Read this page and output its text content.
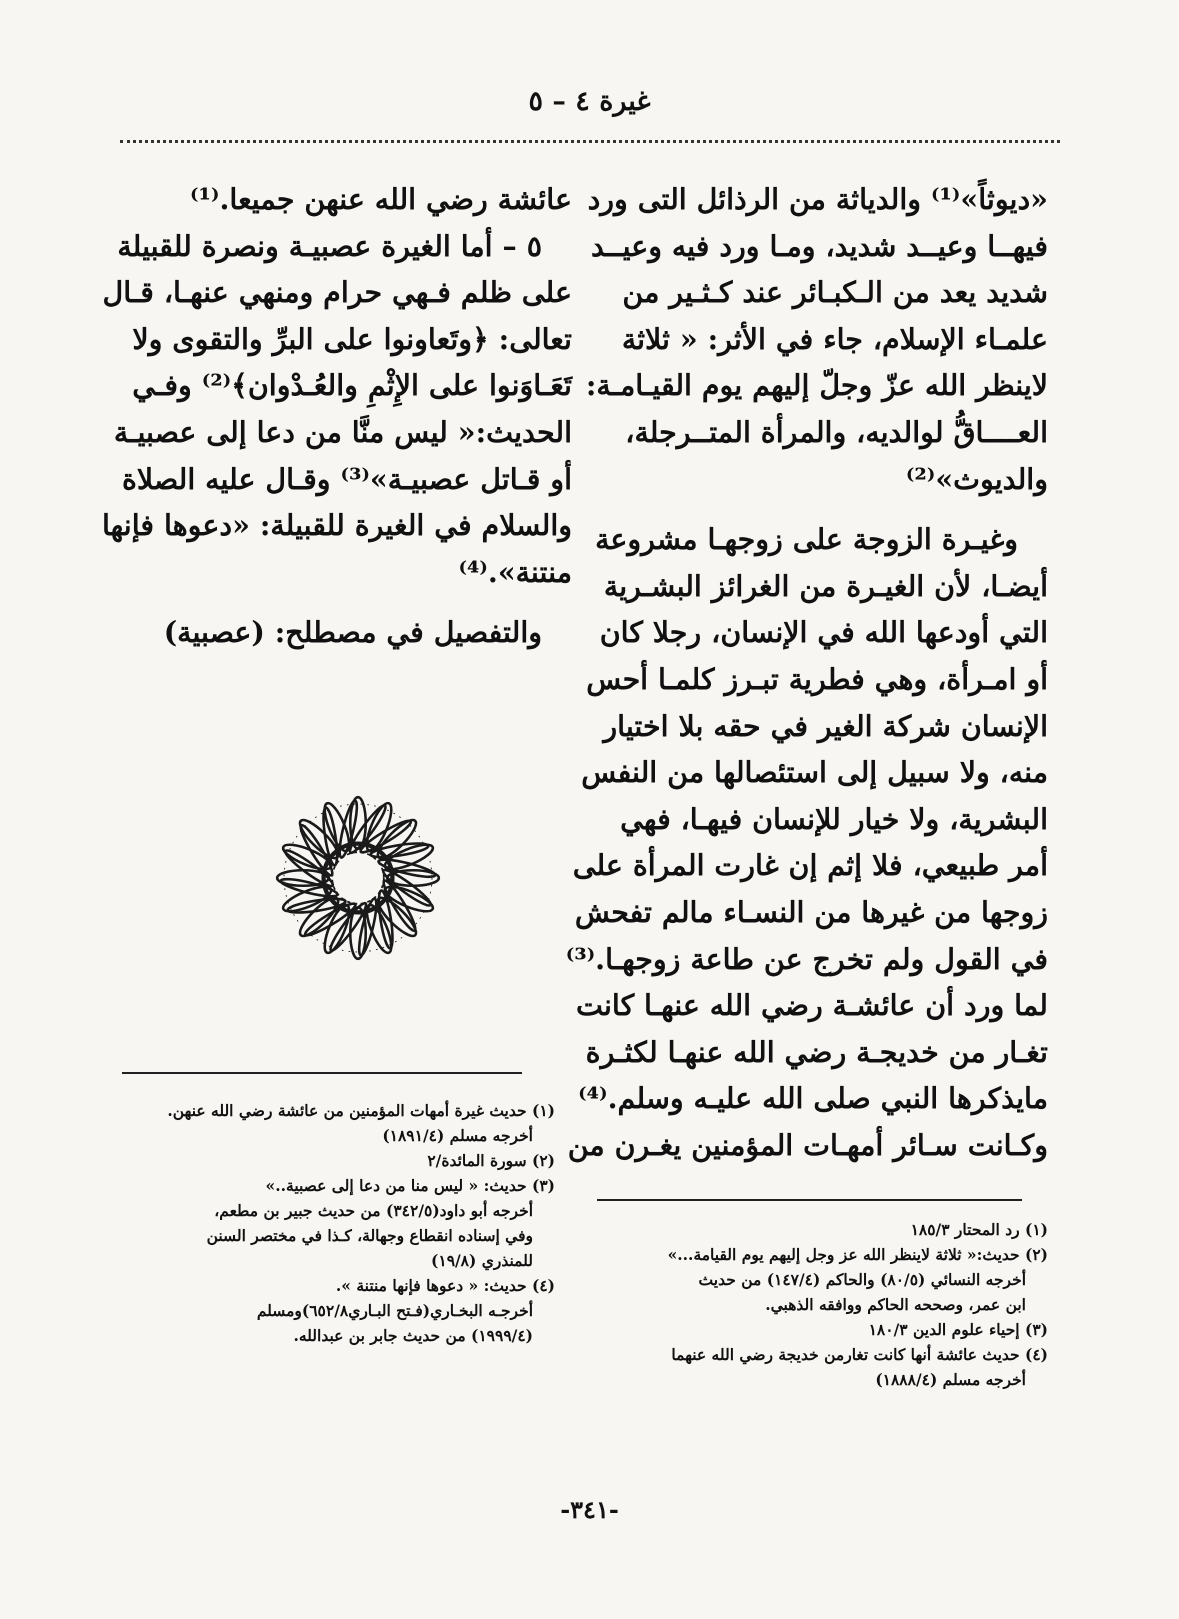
غيرة ٤ – ٥
«ديوثاً»⁽¹⁾ والدياثة من الرذائل التى ورد
فيهــا وعيــد شديد، ومـا ورد فيه وعيــد
شديد يعد من الـكبـائر عند كـثـير من
علمـاء الإسلام، جاء في الأثر: « ثلاثة
لاينظر الله عزّ وجلّ إليهم يوم القيـامـة:
العــــاقُّ لوالديه، والمرأة المتــرجلة،
والديوث»⁽²⁾
وغيـرة الزوجة على زوجهـا مشروعة
أيضـا، لأن الغيـرة من الغرائز البشـرية
التي أودعها الله في الإنسان، رجلا كان
أو امـرأة، وهي فطرية تبـرز كلمـا أحس
الإنسان شركة الغير في حقه بلا اختيار
منه، ولا سبيل إلى استئصالها من النفس
البشرية، ولا خيار للإنسان فيهـا، فهي
أمر طبيعي، فلا إثم إن غارت المرأة على
زوجها من غيرها من النسـاء مالم تفحش
في القول ولم تخرج عن طاعة زوجهـا.⁽³⁾
لما ورد أن عائشـة رضي الله عنهـا كانت
تغـار من خديجـة رضي الله عنهـا لكثـرة
مايذكرها النبي صلى الله عليـه وسلم.⁽⁴⁾
وكـانت سـائر أمهـات المؤمنين يغـرن من
عائشة رضي الله عنهن جميعا.⁽¹⁾
٥ – أما الغيرة عصبيـة ونصرة للقبيلة
على ظلم فـهي حرام ومنهي عنهـا، قـال
تعالى: ﴿وتَعاونوا على البرِّ والتقوى ولا
تَعَـاوَنوا على الإِثْمِ والعُـدْوان﴾⁽²⁾ وفـي
الحديث:« ليس منَّا من دعا إلى عصبيـة
أو قـاتل عصبيـة»⁽³⁾ وقـال عليه الصلاة
والسلام في الغيرة للقبيلة: «دعوها فإنها
منتنة».⁽⁴⁾
والتفصيل في مصطلح: (عصبية)
(١) حديث غيرة أمهات المؤمنين من عائشة رضي الله عنهن.
أخرجه مسلم (١٨٩١/٤)
(٢) سورة المائدة/٢
(٣) حديث: « ليس منا من دعا إلى عصبية..»
أخرجه أبو داود(٣٤٢/٥) من حديث جبير بن مطعم،
وفي إسناده انقطاع وجهالة، كـذا في مختصر السنن
للمنذري (١٩/٨)
(٤) حديث: « دعوها فإنها منتنة ».
أخرجـه البخـاري(فـتح البـاري٦٥٢/٨)ومسلم
(١٩٩٩/٤) من حديث جابر بن عبدالله.
(١) رد المحتار ١٨٥/٣
(٢) حديث:« ثلاثة لاينظر الله عز وجل إليهم يوم القيامة...»
أخرجه النسائي (٨٠/٥) والحاكم (١٤٧/٤) من حديث
ابن عمر، وصححه الحاكم ووافقه الذهبي.
(٣) إحياء علوم الدين ١٨٠/٣
(٤) حديث عائشة أنها كانت تغارمن خديجة رضي الله عنهما
أخرجه مسلم (١٨٨٨/٤)
-٣٤١-
